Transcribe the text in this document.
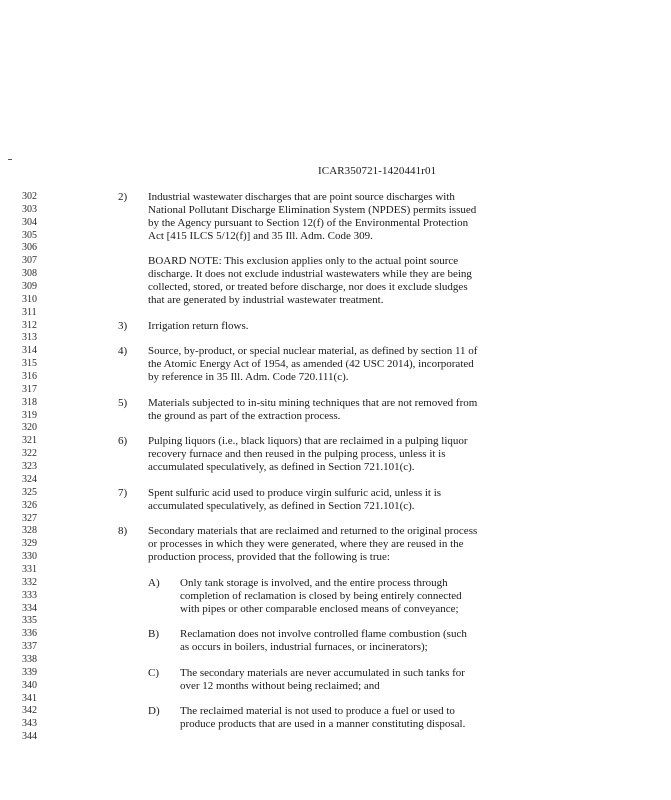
ICAR350721-1420441r01
302
303
304
305
306
307
308
309
310
311
312
313
314
315
316
317
318
319
320
321
322
323
324
325
326
327
328
329
330
331
332
333
334
335
336
337
338
339
340
341
342
343
344
2) Industrial wastewater discharges that are point source discharges with
National Pollutant Discharge Elimination System (NPDES) permits issued
by the Agency pursuant to Section 12(f) of the Environmental Protection
Act [415 ILCS 5/12(f)] and 35 Ill. Adm. Code 309.
BOARD NOTE: This exclusion applies only to the actual point source
discharge. It does not exclude industrial wastewaters while they are being
collected, stored, or treated before discharge, nor does it exclude sludges
that are generated by industrial wastewater treatment.
3) Irrigation return flows.
4) Source, by-product, or special nuclear material, as defined by section 11 of
the Atomic Energy Act of 1954, as amended (42 USC 2014), incorporated
by reference in 35 Ill. Adm. Code 720.111(c).
5) Materials subjected to in-situ mining techniques that are not removed from
the ground as part of the extraction process.
6) Pulping liquors (i.e., black liquors) that are reclaimed in a pulping liquor
recovery furnace and then reused in the pulping process, unless it is
accumulated speculatively, as defined in Section 721.101(c).
7) Spent sulfuric acid used to produce virgin sulfuric acid, unless it is
accumulated speculatively, as defined in Section 721.101(c).
8) Secondary materials that are reclaimed and returned to the original process
or processes in which they were generated, where they are reused in the
production process, provided that the following is true:
A) Only tank storage is involved, and the entire process through
completion of reclamation is closed by being entirely connected
with pipes or other comparable enclosed means of conveyance;
B) Reclamation does not involve controlled flame combustion (such
as occurs in boilers, industrial furnaces, or incinerators);
C) The secondary materials are never accumulated in such tanks for
over 12 months without being reclaimed; and
D) The reclaimed material is not used to produce a fuel or used to
produce products that are used in a manner constituting disposal.
